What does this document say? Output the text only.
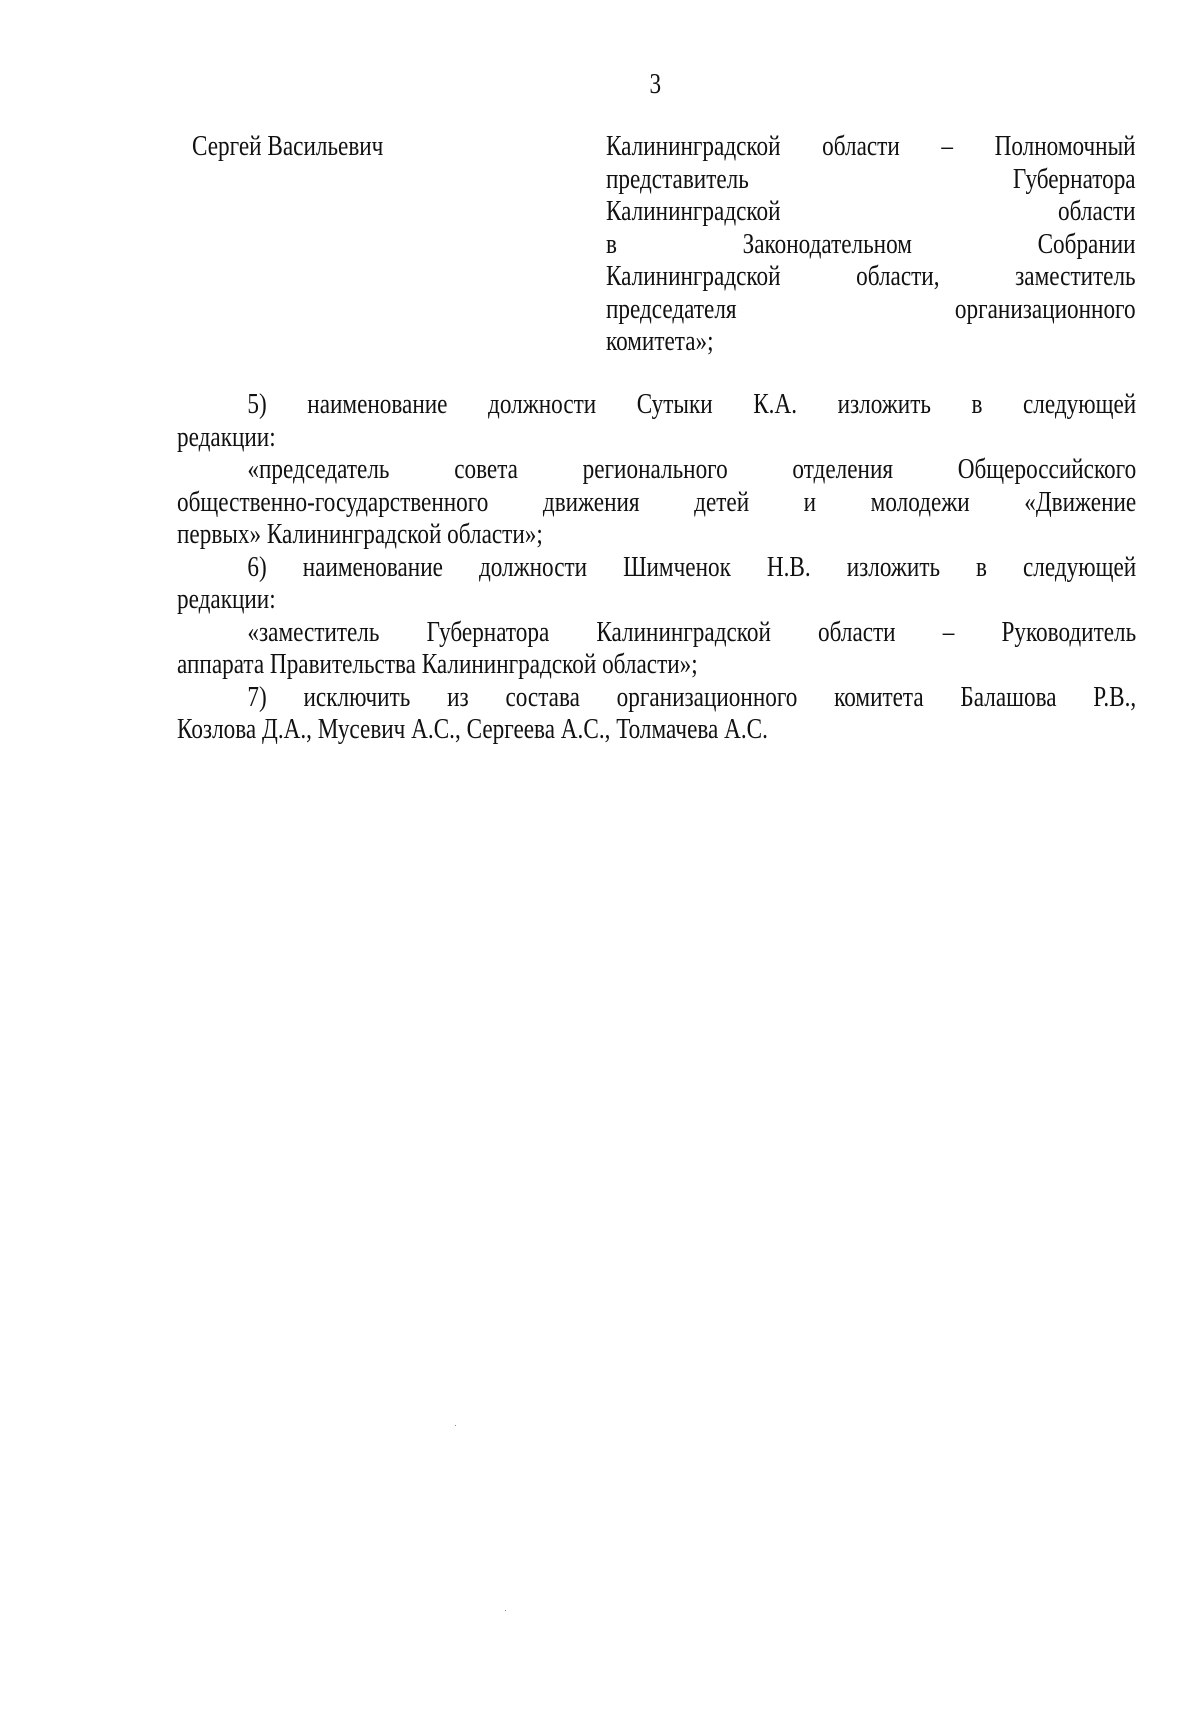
3
Сергей Васильевич	Калининградской области – Полномочный
представитель Губернатора
Калининградской области
в Законодательном Собрании
Калининградской области, заместитель
председателя организационного
комитета»;
5) наименование должности Сутыки К.А. изложить в следующей
редакции:
«председатель совета регионального отделения Общероссийского
общественно-государственного движения детей и молодежи «Движение
первых» Калининградской области»;
6) наименование должности Шимченок Н.В. изложить в следующей
редакции:
«заместитель Губернатора Калининградской области – Руководитель
аппарата Правительства Калининградской области»;
7) исключить из состава организационного комитета Балашова Р.В.,
Козлова Д.А., Мусевич А.С., Сергеева А.С., Толмачева А.С.
